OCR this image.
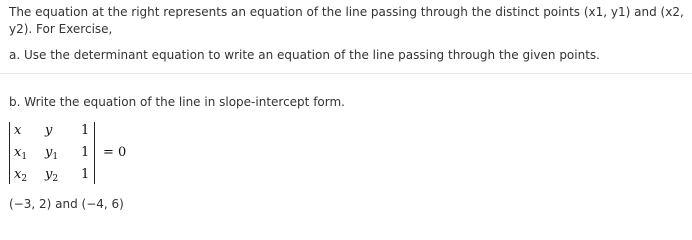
The equation at the right represents an equation of the line passing through the distinct points (x1, y1) and (x2, y2). For Exercise,
a. Use the determinant equation to write an equation of the line passing through the given points.
b. Write the equation of the line in slope-intercept form.
x y 1
$x_1$ $y_1$ 1
$x_2$ $y_2$ 1
= 0
(−3, 2) and (−4, 6)
